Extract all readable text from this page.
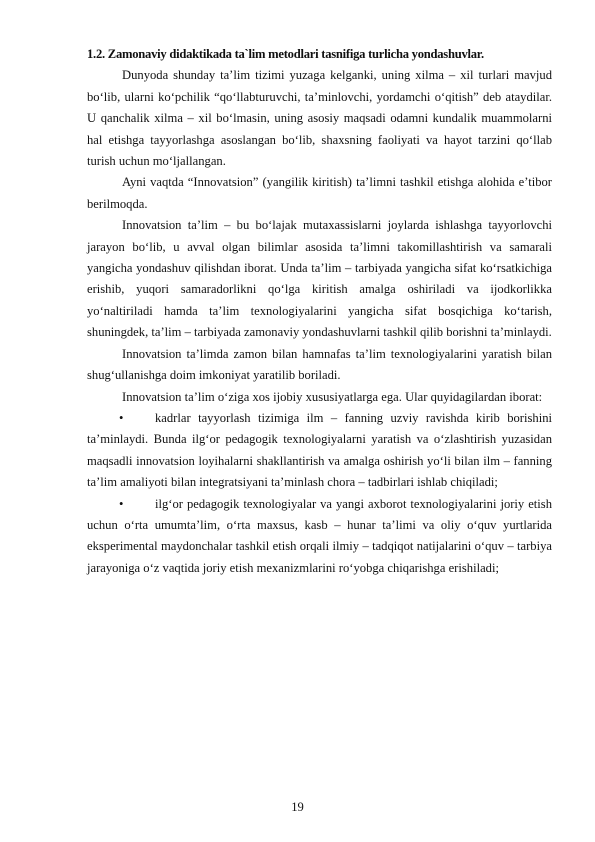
1.2. Zamonaviy didaktikada ta`lim metodlari tasnifiga turlicha yondashuvlar.

Dunyoda shunday ta’lim tizimi yuzaga kelganki, uning xilma – xil turlari mavjud bo‘lib, ularni ko‘pchilik “qo‘llabturuvchi, ta’minlovchi, yordamchi o‘qitish” deb ataydilar. U qanchalik xilma – xil bo‘lmasin, uning asosiy maqsadi odamni kundalik muammolarni hal etishga tayyorlashga asoslangan bo‘lib, shaxsning faoliyati va hayot tarzini qo‘llab turish uchun mo‘ljallangan.

Ayni vaqtda “Innovatsion” (yangilik kiritish) ta’limni tashkil etishga alohida e’tibor berilmoqda.

Innovatsion ta’lim – bu bo‘lajak mutaxassislarni joylarda ishlashga tayyorlovchi jarayon bo‘lib, u avval olgan bilimlar asosida ta’limni takomillashtirish va samarali yangicha yondashuv qilishdan iborat. Unda ta’lim – tarbiyada yangicha sifat ko‘rsatkichiga erishib, yuqori samaradorlikni qo‘lga kiritish amalga oshiriladi va ijodkorlikka yo‘naltiriladi hamda ta’lim texnologiyalarini yangicha sifat bosqichiga ko‘tarish, shuningdek, ta’lim – tarbiyada zamonaviy yondashuvlarni tashkil qilib borishni ta’minlaydi.

Innovatsion ta’limda zamon bilan hamnafas ta’lim texnologiyalarini yaratish bilan shug‘ullanishga doim imkoniyat yaratilib boriladi.

Innovatsion ta’lim o‘ziga xos ijobiy xususiyatlarga ega. Ular quyidagilardan iborat:

•	kadrlar tayyorlash tizimiga ilm – fanning uzviy ravishda kirib borishini ta’minlaydi. Bunda ilg‘or pedagogik texnologiyalarni yaratish va o‘zlashtirish yuzasidan maqsadli innovatsion loyihalarni shakllantirish va amalga oshirish yo‘li bilan ilm – fanning ta’lim amaliyoti bilan integratsiyani ta’minlash chora – tadbirlari ishlab chiqiladi;

•	ilg‘or pedagogik texnologiyalar va yangi axborot texnologiyalarini joriy etish uchun o‘rta umumta’lim, o‘rta maxsus, kasb – hunar ta’limi va oliy o‘quv yurtlarida eksperimental maydonchalar tashkil etish orqali ilmiy – tadqiqot natijalarini o‘quv – tarbiya jarayoniga o‘z vaqtida joriy etish mexanizmlarini ro‘yobga chiqarishga erishiladi;

19
